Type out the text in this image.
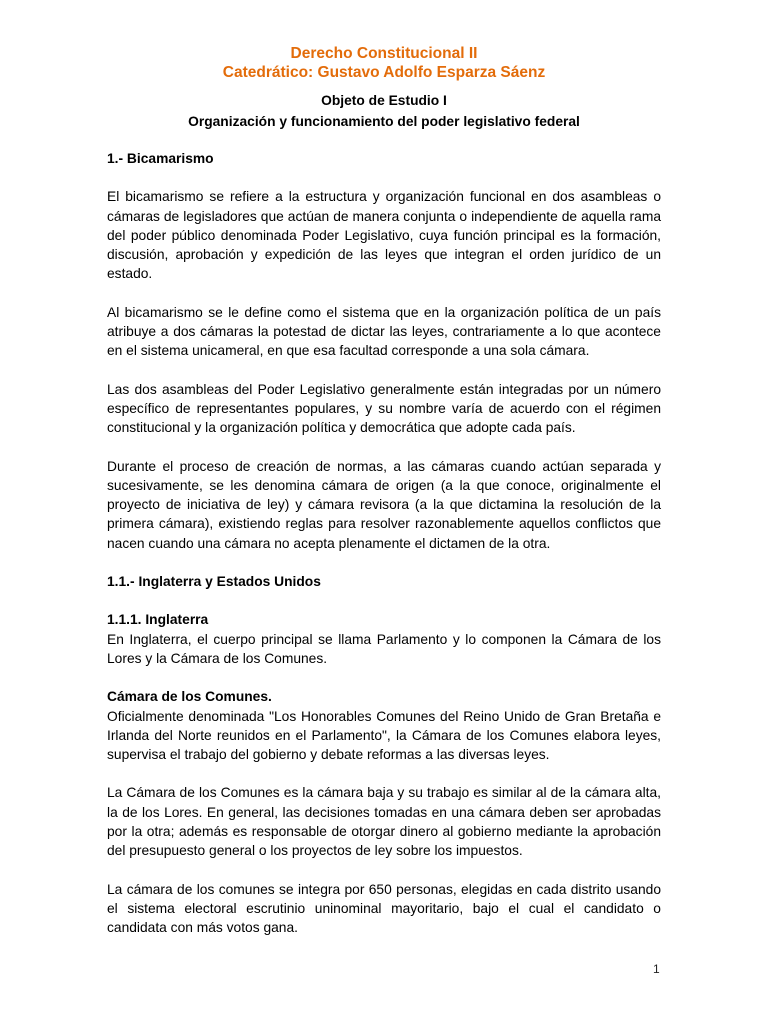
Derecho Constitucional II
Catedrático: Gustavo Adolfo Esparza Sáenz
Objeto de Estudio I
Organización y funcionamiento del poder legislativo federal

1.- Bicamarismo

El bicamarismo se refiere a la estructura y organización funcional en dos asambleas o cámaras de legisladores que actúan de manera conjunta o independiente de aquella rama del poder público denominada Poder Legislativo, cuya función principal es la formación, discusión, aprobación y expedición de las leyes que integran el orden jurídico de un estado.

Al bicamarismo se le define como el sistema que en la organización política de un país atribuye a dos cámaras la potestad de dictar las leyes, contrariamente a lo que acontece en el sistema unicameral, en que esa facultad corresponde a una sola cámara.

Las dos asambleas del Poder Legislativo generalmente están integradas por un número específico de representantes populares, y su nombre varía de acuerdo con el régimen constitucional y la organización política y democrática que adopte cada país.

Durante el proceso de creación de normas, a las cámaras cuando actúan separada y sucesivamente, se les denomina cámara de origen (a la que conoce, originalmente el proyecto de iniciativa de ley) y cámara revisora (a la que dictamina la resolución de la primera cámara), existiendo reglas para resolver razonablemente aquellos conflictos que nacen cuando una cámara no acepta plenamente el dictamen de la otra.

1.1.- Inglaterra y Estados Unidos

1.1.1. Inglaterra

En Inglaterra, el cuerpo principal se llama Parlamento y lo componen la Cámara de los Lores y la Cámara de los Comunes.

Cámara de los Comunes.

Oficialmente denominada "Los Honorables Comunes del Reino Unido de Gran Bretaña e Irlanda del Norte reunidos en el Parlamento", la Cámara de los Comunes elabora leyes, supervisa el trabajo del gobierno y debate reformas a las diversas leyes.

La Cámara de los Comunes es la cámara baja y su trabajo es similar al de la cámara alta, la de los Lores. En general, las decisiones tomadas en una cámara deben ser aprobadas por la otra; además es responsable de otorgar dinero al gobierno mediante la aprobación del presupuesto general o los proyectos de ley sobre los impuestos.

La cámara de los comunes se integra por 650 personas, elegidas en cada distrito usando el sistema electoral escrutinio uninominal mayoritario, bajo el cual el candidato o candidata con más votos gana.

1
